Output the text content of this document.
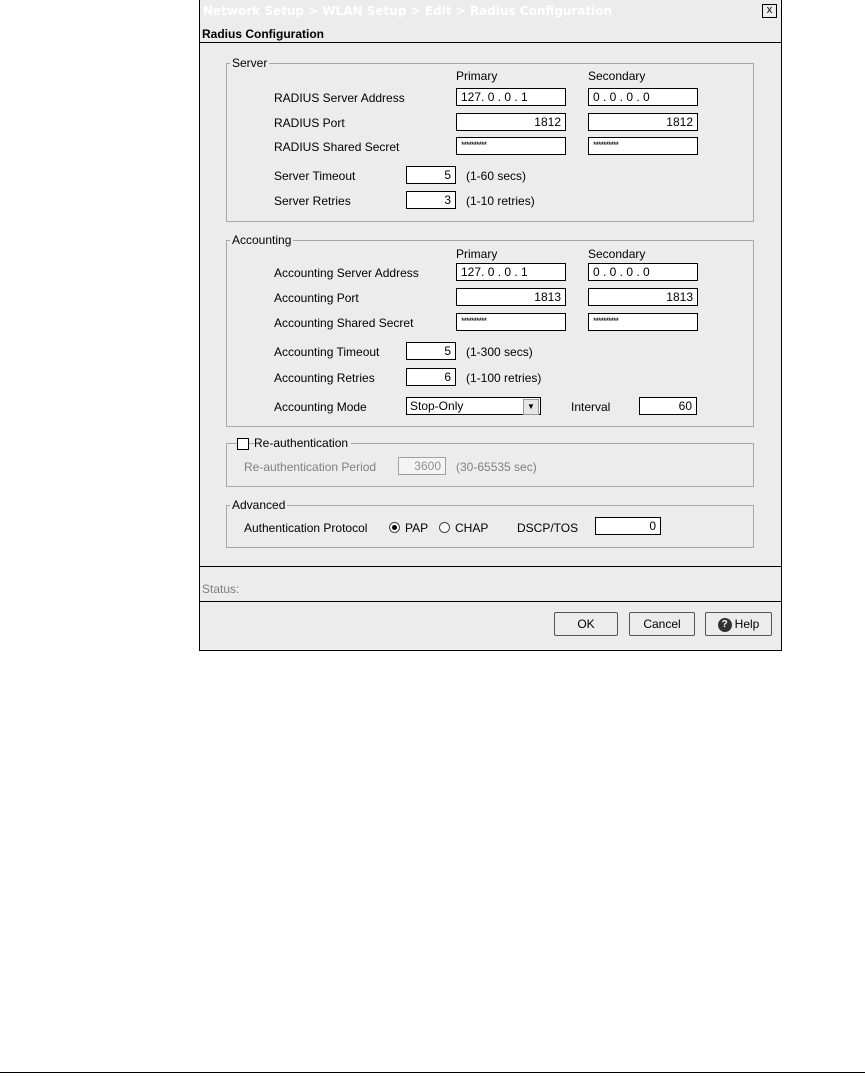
Network Setup > WLAN Setup > Edit > Radius Configuration	x
Radius Configuration
Server
Primary	Secondary
RADIUS Server Address	127. 0 . 0 . 1	0 . 0 . 0 . 0
RADIUS Port	1812	1812
RADIUS Shared Secret	**********	**********
Server Timeout	5	(1-60 secs)
Server Retries	3	(1-10 retries)
Accounting
Primary	Secondary
Accounting Server Address	127. 0 . 0 . 1	0 . 0 . 0 . 0
Accounting Port	1813	1813
Accounting Shared Secret	**********	**********
Accounting Timeout	5	(1-300 secs)
Accounting Retries	6	(1-100 retries)
Accounting Mode	Stop-Only	▼	Interval	60
Re-authentication
Re-authentication Period	3600	(30-65535 sec)
Advanced
Authentication Protocol	PAP CHAP DSCP/TOS	0
Status:
OK	Cancel	? Help
